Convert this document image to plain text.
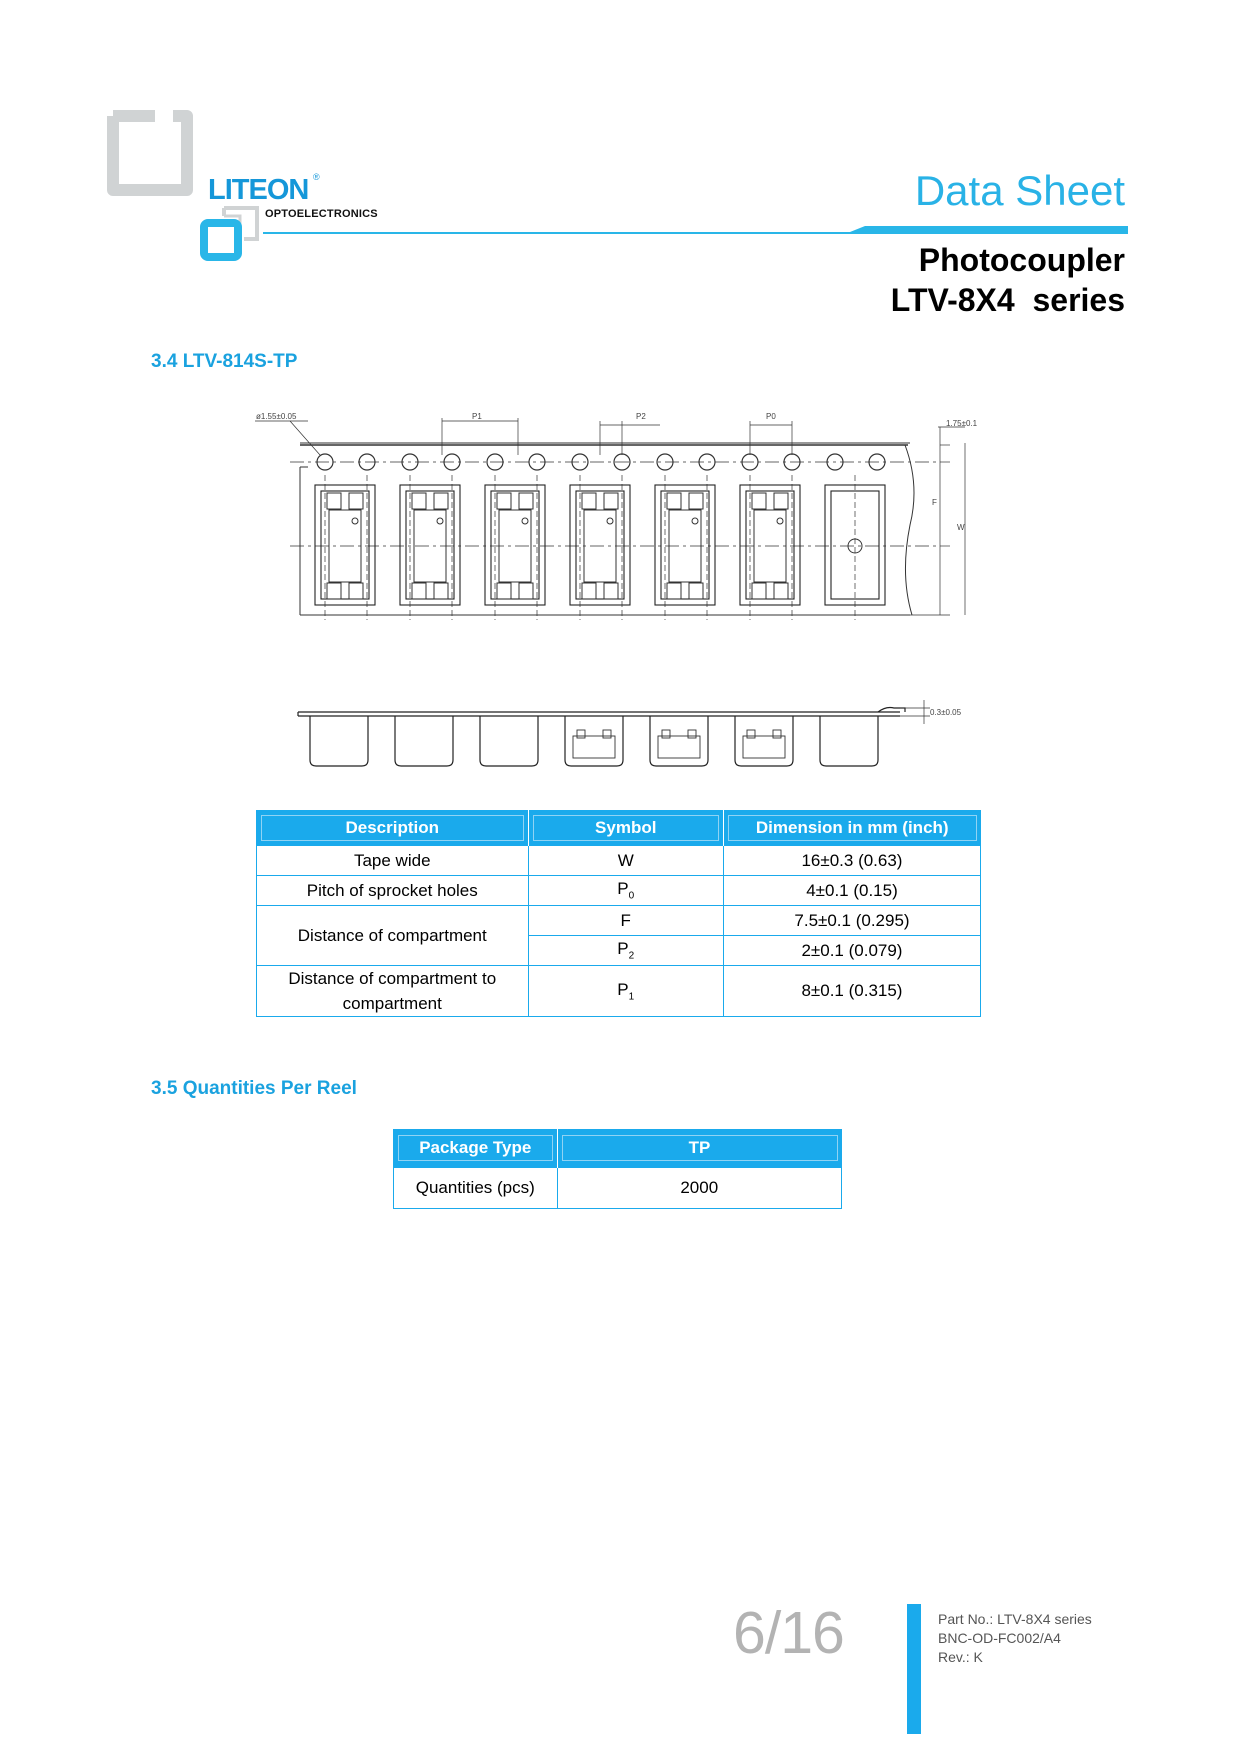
LITEON ®
OPTOELECTRONICS	Data Sheet
Photocoupler
LTV-8X4  series
3.4 LTV-814S-TP
ø1.55±0.05	P1	P2	P0
1.75±0.1
F
W
0.3±0.05
Description	Symbol	Dimension in mm (inch)

Tape wide	W	16±0.3 (0.63)
Pitch of sprocket holes	$P_0$	4±0.1 (0.15)
Distance of compartment	F	7.5±0.1 (0.295)
	$P_2$	2±0.1 (0.079)
Distance of compartment to compartment	$P_1$	8±0.1 (0.315)
3.5 Quantities Per Reel
Package Type	TP

Quantities (pcs)	2000
6/16	Part No.: LTV-8X4 series
BNC-OD-FC002/A4
Rev.: K
